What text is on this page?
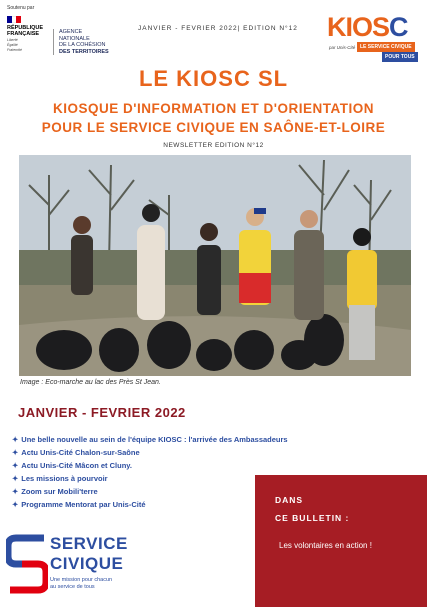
Soutenu par
RÉPUBLIQUE
FRANÇAISE
Liberté
Égalité
Fraternité
AGENCE
NATIONALE
DE LA COHÉSION
DES TERRITOIRES
JANVIER - FEVRIER 2022| EDITION N°12 KIOSC
par Unis-Cité LE SERVICE CIVIQUE
POUR TOUS
LE KIOSC SL
KIOSQUE D'INFORMATION ET D'ORIENTATION
POUR LE SERVICE CIVIQUE EN SAÔNE-ET-LOIRE
NEWSLETTER EDITION N°12
Image : Eco-marche au lac des Près St Jean.
JANVIER - FEVRIER 2022
✦ Une belle nouvelle au sein de l'équipe KIOSC : l'arrivée des Ambassadeurs
✦ Actu Unis-Cité Chalon-sur-Saône
✦ Actu Unis-Cité Mâcon et Cluny.
✦ Les missions à pourvoir
✦ Zoom sur Mobili'terre
✦ Programme Mentorat par Unis-Cité	DANS
CE BULLETIN :
Les volontaires en action !
SERVICE
CIVIQUE
Une mission pour chacun
au service de tous
